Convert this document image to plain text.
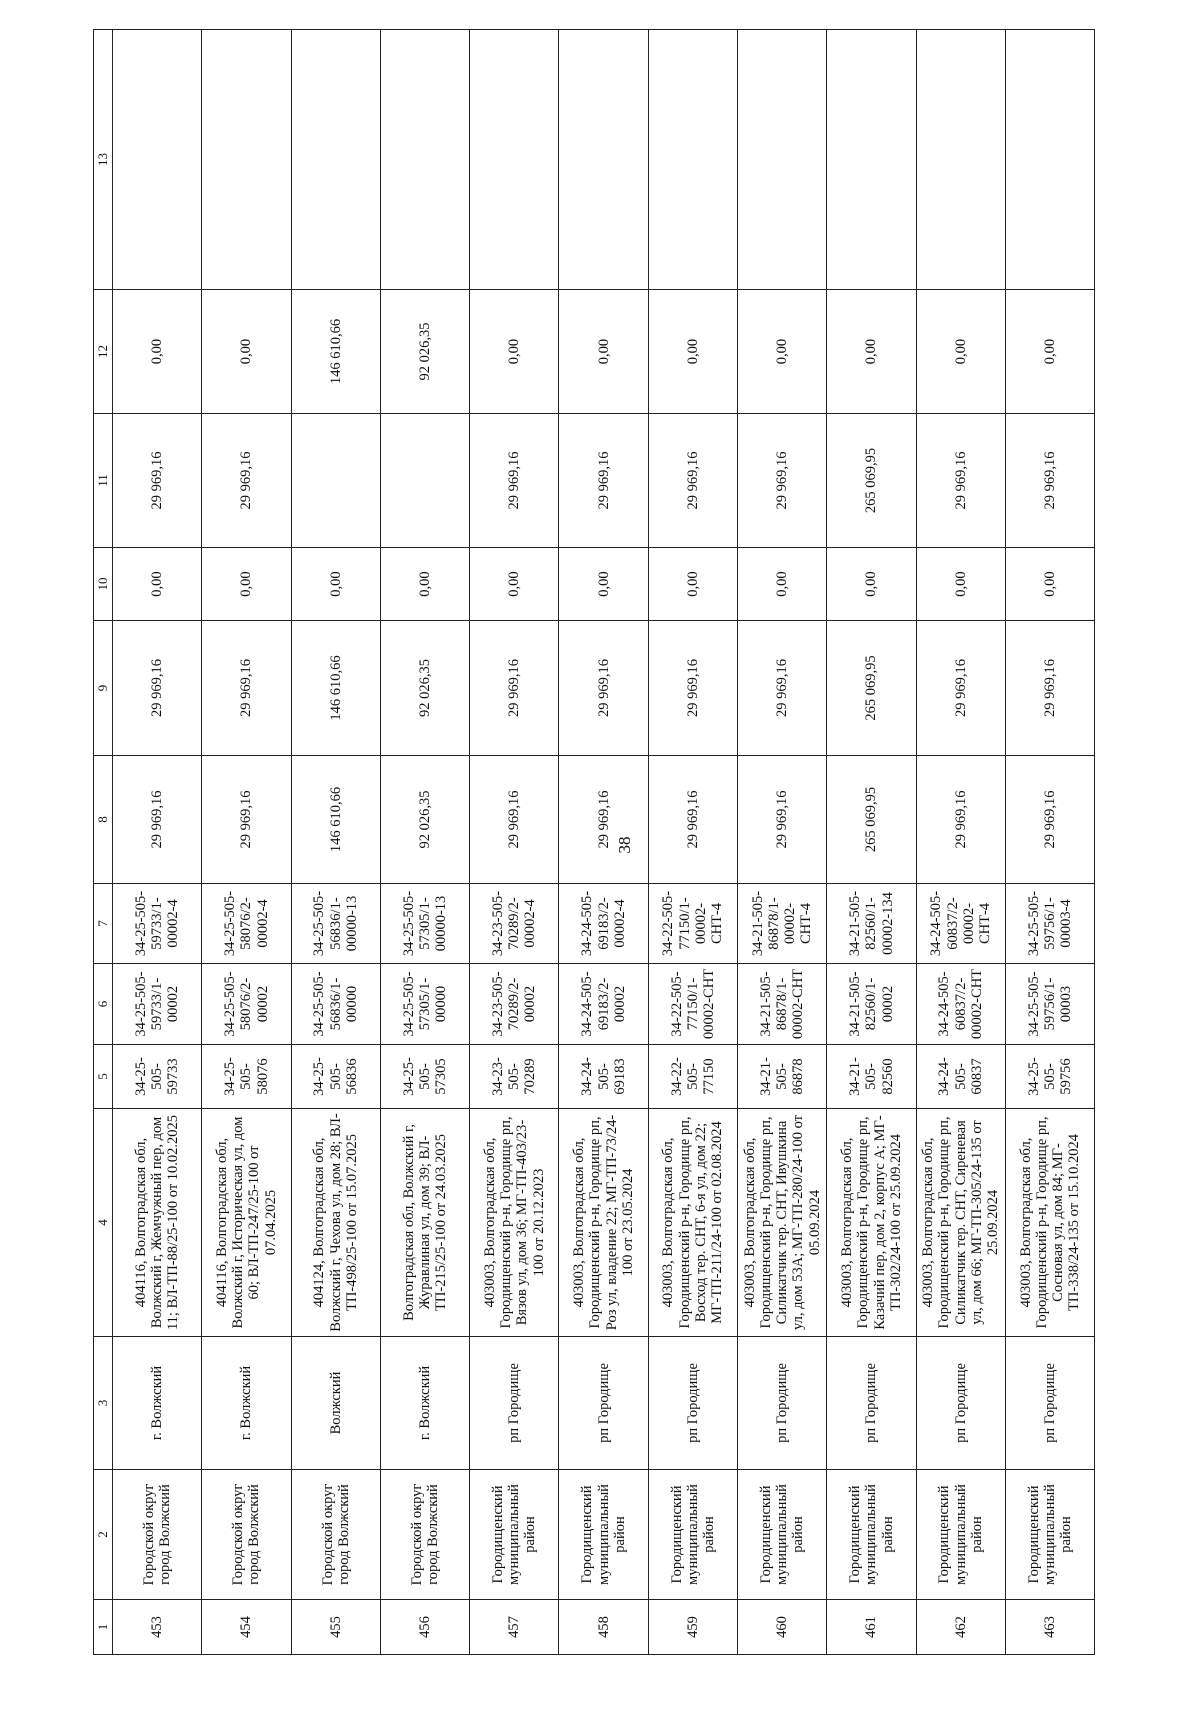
38
1	2	3	4	5	6	7	8	9	10	11	12	13
453	Городской округ город Волжский	г. Волжский	404116, Волгоградская обл, Волжский г, Жемчужный пер, дом 11; ВЛ-ТП-88/25-100 от 10.02.2025	34-25-505-59733	34-25-505-59733/1-00002	34-25-505-59733/1-00002-4	29 969,16	29 969,16	0,00	29 969,16	0,00	
454	Городской округ город Волжский	г. Волжский	404116, Волгоградская обл, Волжский г, Историческая ул, дом 60; ВЛ-ТП-247/25-100 от 07.04.2025	34-25-505-58076	34-25-505-58076/2-00002	34-25-505-58076/2-00002-4	29 969,16	29 969,16	0,00	29 969,16	0,00	
455	Городской округ город Волжский	Волжский	404124, Волгоградская обл, Волжский г, Чехова ул, дом 28; ВЛ-ТП-498/25-100 от 15.07.2025	34-25-505-56836	34-25-505-56836/1-00000	34-25-505-56836/1-00000-13	146 610,66	146 610,66	0,00		146 610,66	
456	Городской округ город Волжский	г. Волжский	Волгоградская обл, Волжский г, Журавлиная ул, дом 39; ВЛ-ТП-215/25-100 от 24.03.2025	34-25-505-57305	34-25-505-57305/1-00000	34-25-505-57305/1-00000-13	92 026,35	92 026,35	0,00		92 026,35	
457	Городищенский муниципальный район	рп Городище	403003, Волгоградская обл, Городищенский р-н, Городище рп, Вязов ул, дом 36; МГ-ТП-403/23-100 от 20.12.2023	34-23-505-70289	34-23-505-70289/2-00002	34-23-505-70289/2-00002-4	29 969,16	29 969,16	0,00	29 969,16	0,00	
458	Городищенский муниципальный район	рп Городище	403003, Волгоградская обл, Городищенский р-н, Городище рп, Роз ул, владение 22; МГ-ТП-73/24-100 от 23.05.2024	34-24-505-69183	34-24-505-69183/2-00002	34-24-505-69183/2-00002-4	29 969,16	29 969,16	0,00	29 969,16	0,00	
459	Городищенский муниципальный район	рп Городище	403003, Волгоградская обл, Городищенский р-н, Городище рп, Восход тер. СНТ, 6-я ул, дом 22; МГ-ТП-211/24-100 от 02.08.2024	34-22-505-77150	34-22-505-77150/1-00002-СНТ	34-22-505-77150/1-00002-СНТ-4	29 969,16	29 969,16	0,00	29 969,16	0,00	
460	Городищенский муниципальный район	рп Городище	403003, Волгоградская обл, Городищенский р-н, Городище рп, Силикатчик тер. СНТ, Ивушкина ул, дом 53А; МГ-ТП-280/24-100 от 05.09.2024	34-21-505-86878	34-21-505-86878/1-00002-СНТ	34-21-505-86878/1-00002-СНТ-4	29 969,16	29 969,16	0,00	29 969,16	0,00	
461	Городищенский муниципальный район	рп Городище	403003, Волгоградская обл, Городищенский р-н, Городище рп, Казачий пер, дом 2, корпус А; МГ-ТП-302/24-100 от 25.09.2024	34-21-505-82560	34-21-505-82560/1-00002	34-21-505-82560/1-00002-134	265 069,95	265 069,95	0,00	265 069,95	0,00	
462	Городищенский муниципальный район	рп Городище	403003, Волгоградская обл, Городищенский р-н, Городище рп, Силикатчик тер. СНТ, Сиреневая ул, дом 66; МГ-ТП-305/24-135 от 25.09.2024	34-24-505-60837	34-24-505-60837/2-00002-СНТ	34-24-505-60837/2-00002-СНТ-4	29 969,16	29 969,16	0,00	29 969,16	0,00	
463	Городищенский муниципальный район	рп Городище	403003, Волгоградская обл, Городищенский р-н, Городище рп, Сосновая ул, дом 84; МГ-ТП-338/24-135 от 15.10.2024	34-25-505-59756	34-25-505-59756/1-00003	34-25-505-59756/1-00003-4	29 969,16	29 969,16	0,00	29 969,16	0,00	
